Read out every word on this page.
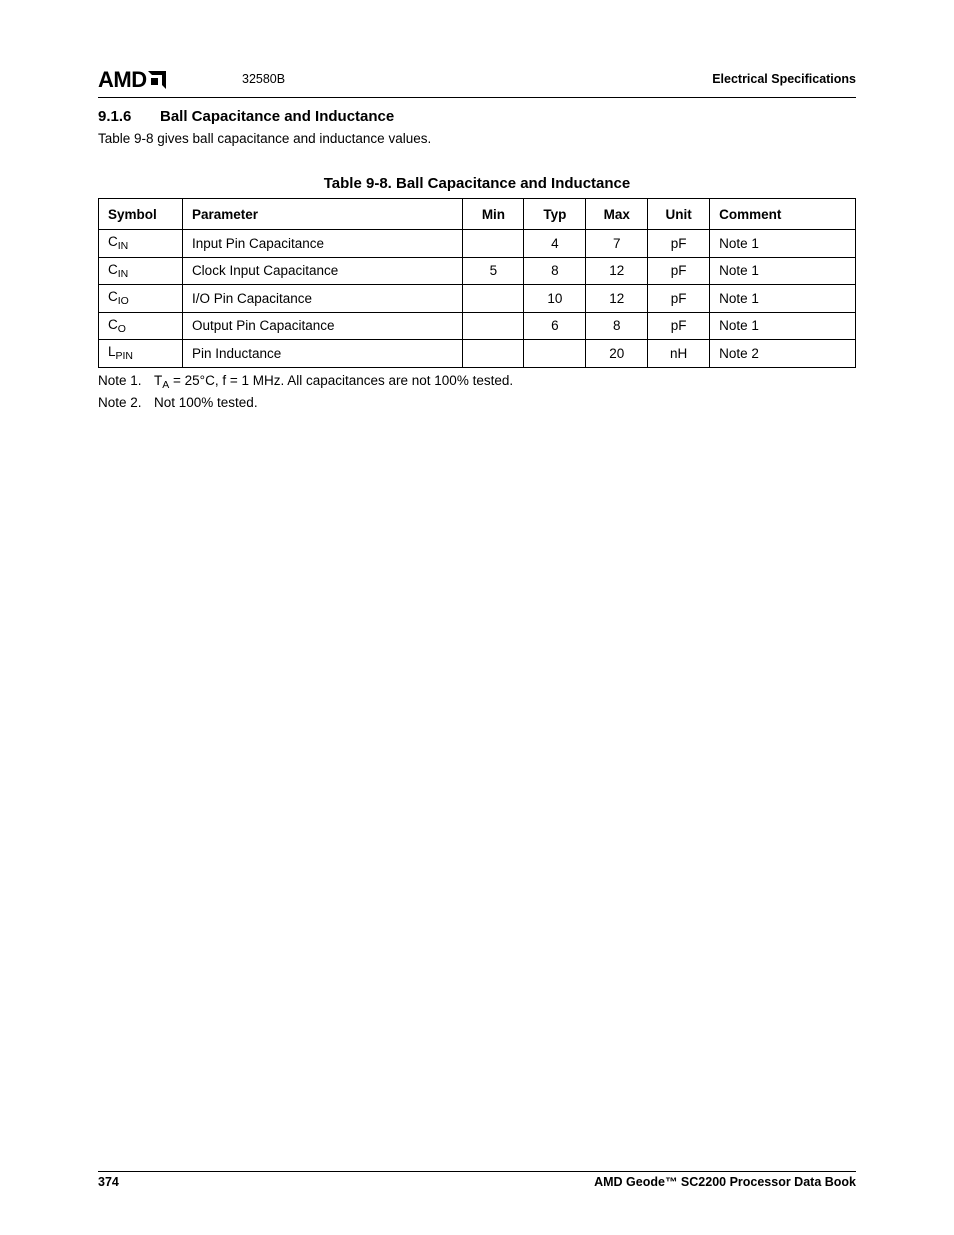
AMD	32580B	Electrical Specifications
9.1.6 Ball Capacitance and Inductance
Table 9-8 gives ball capacitance and inductance values.
Table 9-8. Ball Capacitance and Inductance
Symbol	Parameter	Min	Typ	Max	Unit	Comment
$C_{IN}$	Input Pin Capacitance		4	7	pF	Note 1
$C_{IN}$	Clock Input Capacitance	5	8	12	pF	Note 1
$C_{IO}$	I/O Pin Capacitance		10	12	pF	Note 1
$C_O$	Output Pin Capacitance		6	8	pF	Note 1
$L_{PIN}$	Pin Inductance			20	nH	Note 2
Note 1. $T_A = 25^\circ C$, f = 1 MHz. All capacitances are not 100% tested.
Note 2. Not 100% tested.
374	AMD Geode™ SC2200 Processor Data Book
